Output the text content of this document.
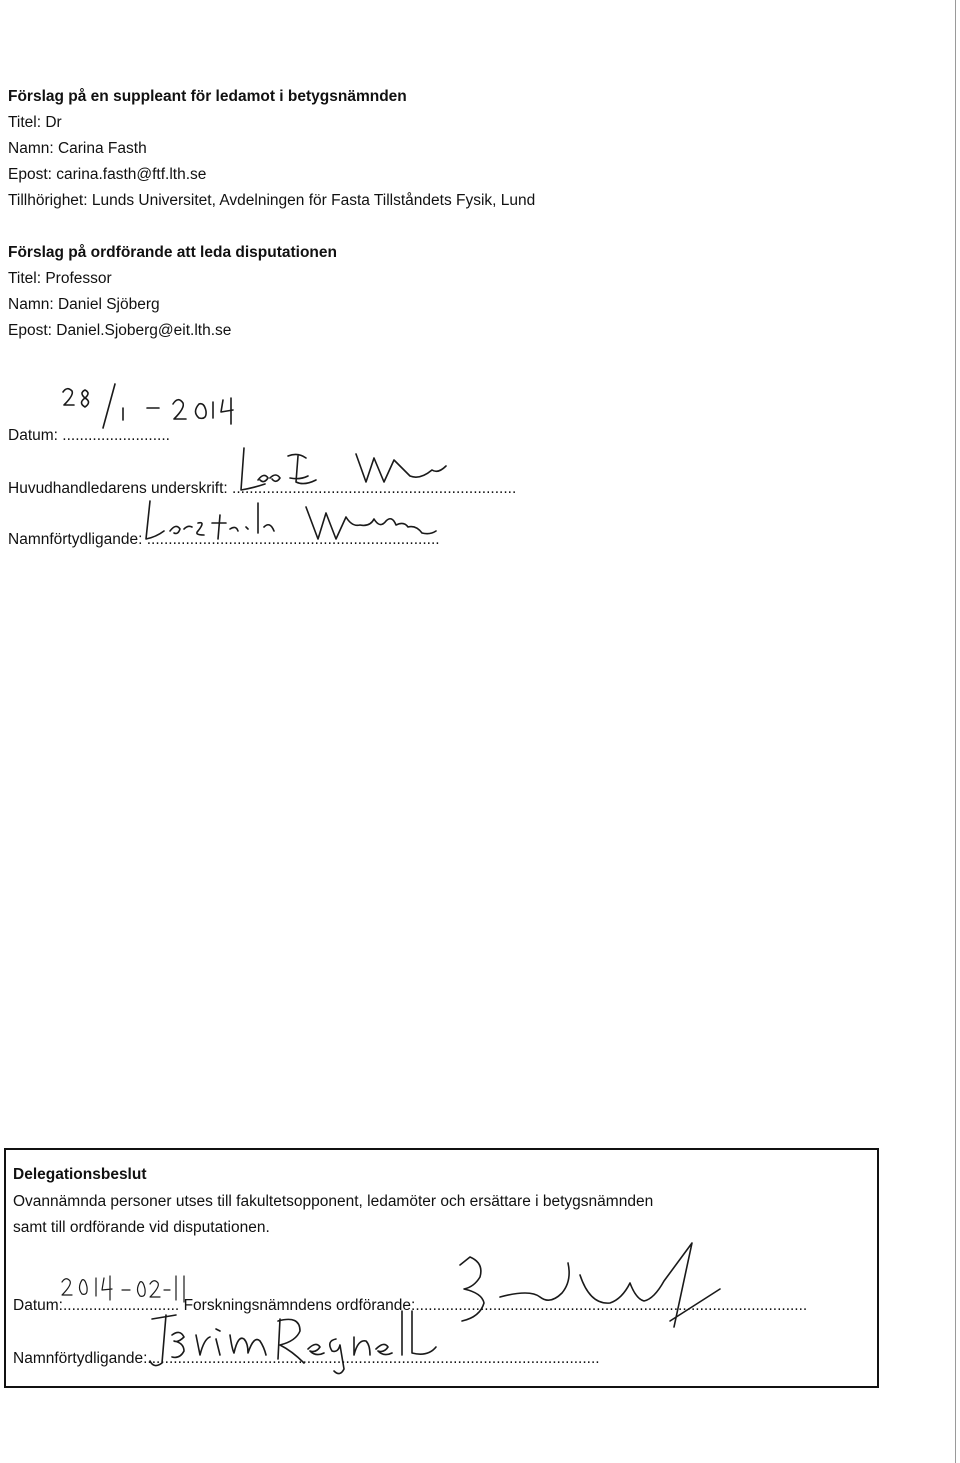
Förslag på en suppleant för ledamot i betygsnämnden
Titel: Dr
Namn: Carina Fasth
Epost: carina.fasth@ftf.lth.se
Tillhörighet: Lunds Universitet, Avdelningen för Fasta Tillståndets Fysik, Lund
Förslag på ordförande att leda disputationen
Titel: Professor
Namn: Daniel Sjöberg
Epost: Daniel.Sjoberg@eit.lth.se
Datum: .........................
Huvudhandledarens underskrift: ..................................................................
Namnförtydligande: ....................................................................
Delegationsbeslut
Ovannämnda personer utses till fakultetsopponent, ledamöter och ersättare i betygsnämnden
samt till ordförande vid disputationen.
Datum:........................... Forskningsnämndens ordförande:...........................................................................................
Namnförtydligande:.........................................................................................................
